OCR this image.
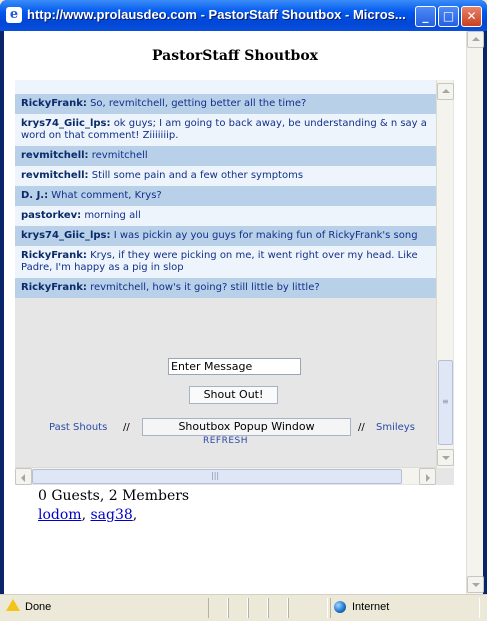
e http://www.prolausdeo.com - PastorStaff Shoutbox - Micros...	_	□	✕
PastorStaff Shoutbox
RickyFrank: So, revmitchell, getting better all the time?
krys74_Giic_lps: ok guys; I am going to back away, be understanding & n say a word on that comment! Ziiiiiiip.
revmitchell: revmitchell
revmitchell: Still some pain and a few other symptoms
D. J.: What comment, Krys?
pastorkev: morning all
krys74_Giic_lps: I was pickin ay you guys for making fun of RickyFrank's song
RickyFrank: Krys, if they were picking on me, it went right over my head. Like Padre, I'm happy as a pig in slop
RickyFrank: revmitchell, how's it going? still little by little?
Enter Message
Shout Out!
Past Shouts //	Shoutbox Popup Window	// Smileys
REFRESH
≡
|||
0 Guests, 2 Members
lodom, sag38,
Done	Internet
